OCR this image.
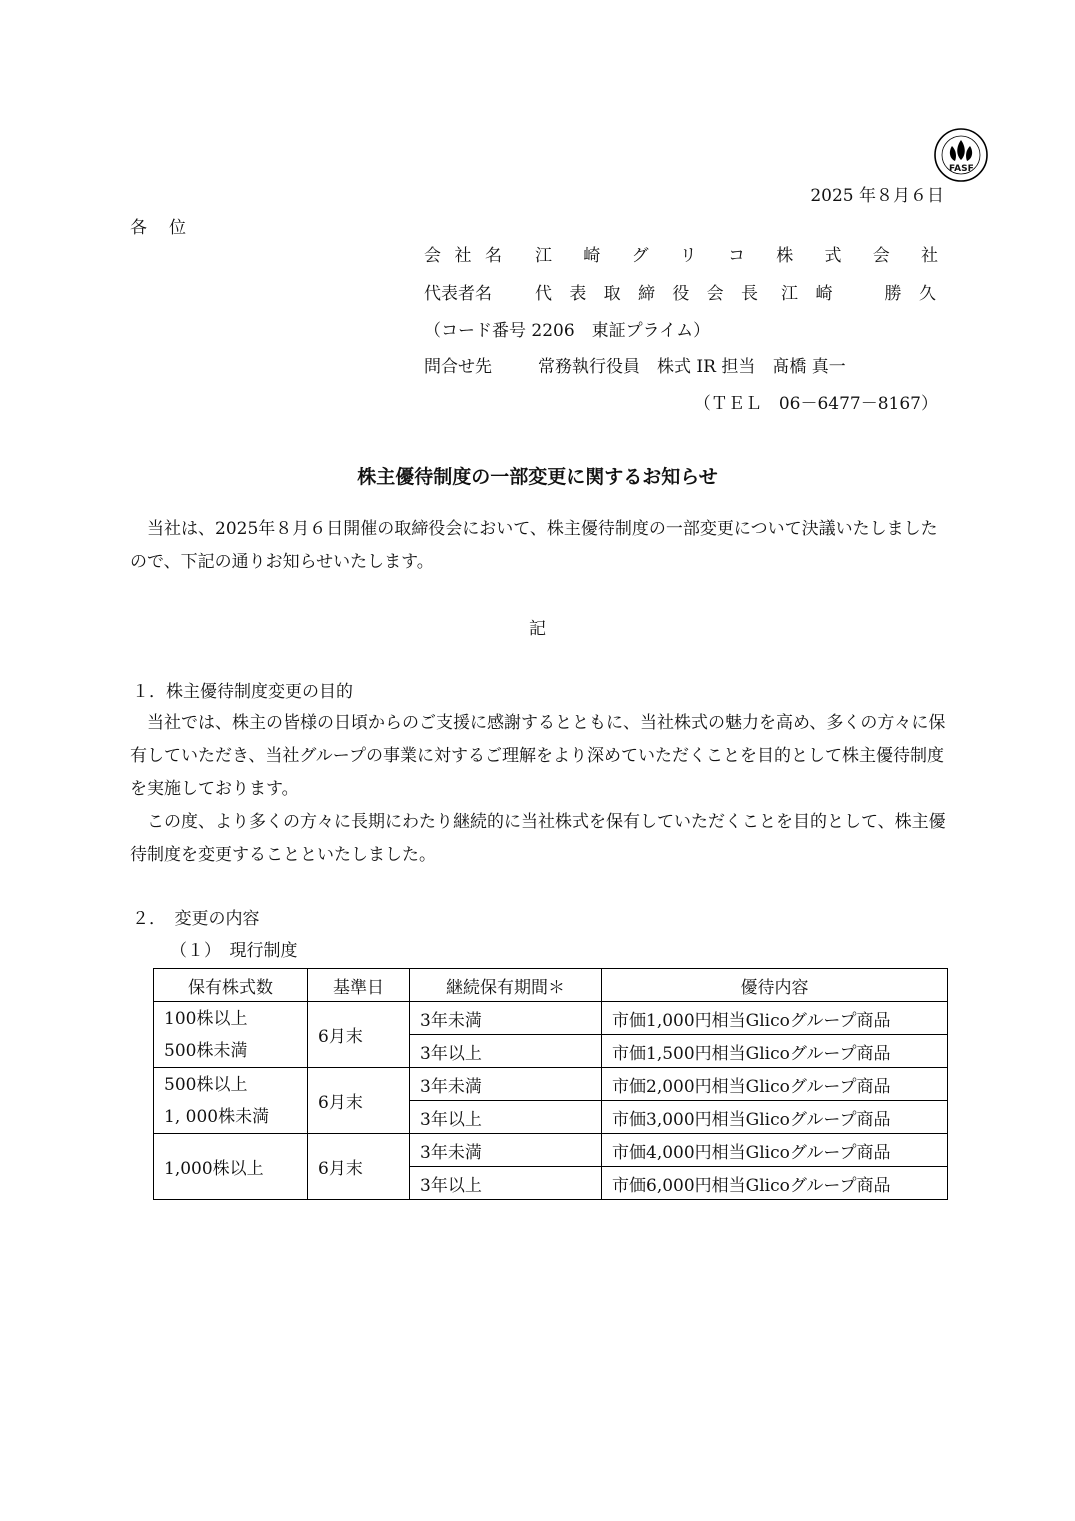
FASF
2025 年８月６日
各 位
会 社 名 江 崎 グ リ コ 株 式 会 社
代表者名	代 表 取 締 役 会 長 江 崎	勝 久
（コード番号 2206　東証プライム）
問合せ先	常務執行役員　株式 IR 担当　髙橋 真一
（ＴＥＬ　06－6477－8167）
株主優待制度の一部変更に関するお知らせ
　当社は、2025年８月６日開催の取締役会において、株主優待制度の一部変更について決議いたしましたので、下記の通りお知らせいたします。
記
１．株主優待制度変更の目的
　当社では、株主の皆様の日頃からのご支援に感謝するとともに、当社株式の魅力を高め、多くの方々に保有していただき、当社グループの事業に対するご理解をより深めていただくことを目的として株主優待制度を実施しております。
　この度、より多くの方々に長期にわたり継続的に当社株式を保有していただくことを目的として、株主優待制度を変更することといたしました。
２．　変更の内容
（１）　現行制度
保有株式数	基準日	継続保有期間＊	優待内容

100株以上
500株未満	6月末	3年未満	市価1,000円相当Glicoグループ商品
		3年以上	市価1,500円相当Glicoグループ商品

500株以上
1, 000株未満	6月末	3年未満	市価2,000円相当Glicoグループ商品
		3年以上	市価3,000円相当Glicoグループ商品
1,000株以上	6月末	3年未満	市価4,000円相当Glicoグループ商品
		3年以上	市価6,000円相当Glicoグループ商品
